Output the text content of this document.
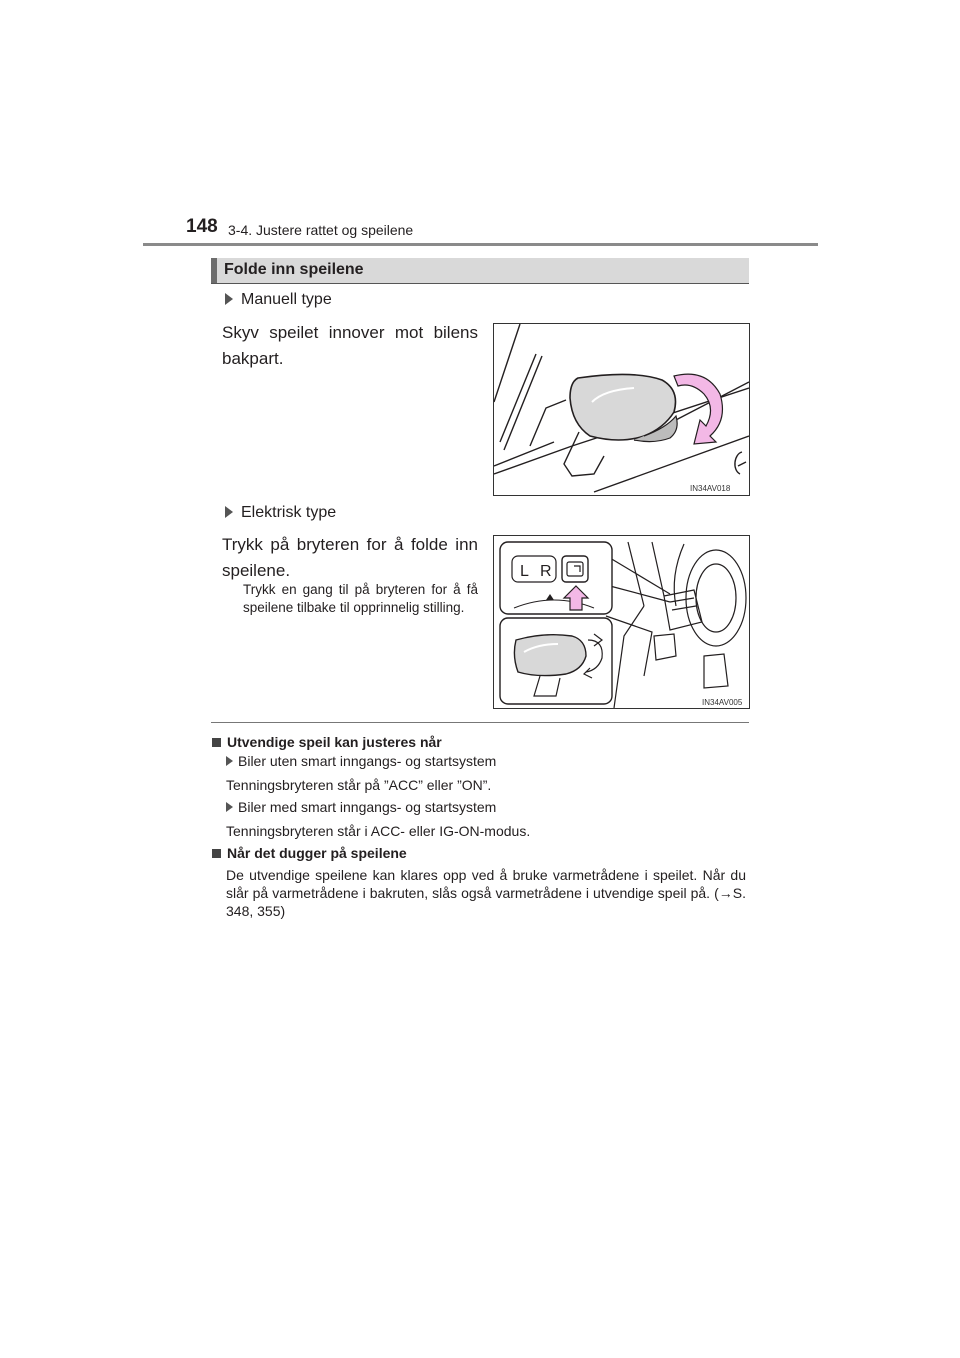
148 3-4. Justere rattet og speilene
Folde inn speilene
Manuell type
Skyv speilet innover mot bilens bakpart.
IN34AV018
Elektrisk type
Trykk på bryteren for å folde inn speilene.
Trykk en gang til på bryteren for å få speilene tilbake til opprinnelig stilling.
L R
IN34AV005
Utvendige speil kan justeres når
Biler uten smart inngangs- og startsystem
Tenningsbryteren står på ”ACC” eller ”ON”.
Biler med smart inngangs- og startsystem
Tenningsbryteren står i ACC- eller IG-ON-modus.
Når det dugger på speilene
De utvendige speilene kan klares opp ved å bruke varmetrådene i speilet. Når du slår på varmetrådene i bakruten, slås også varmetrådene i utvendige speil på. (→S. 348, 355)
